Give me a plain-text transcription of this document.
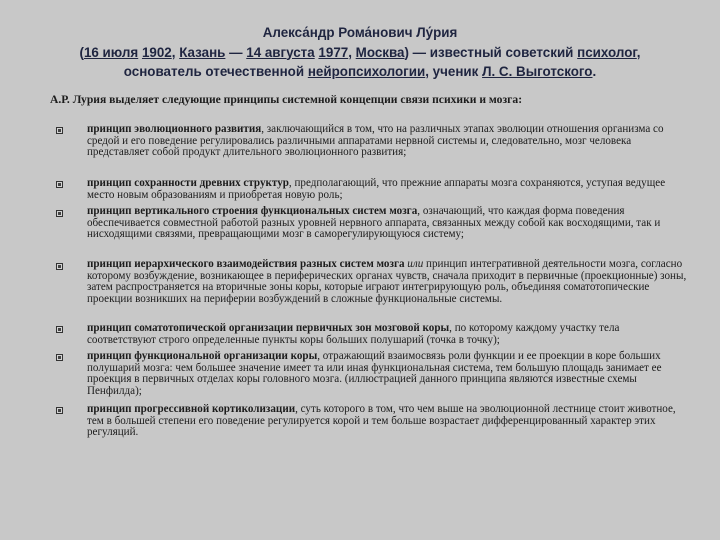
Алекса́ндр Рома́нович Лу́рия
(16 июля 1902, Казань — 14 августа 1977, Москва) — известный советский психолог,
основатель отечественной нейропсихологии, ученик Л. С. Выготского.
А.Р. Лурия выделяет следующие принципы системной концепции связи психики и мозга:
принцип эволюционного развития, заключающийся в том, что на различных этапах эволюции отношения организма со средой и его поведение регулировались различными аппаратами нервной системы и, следовательно, мозг человека представляет собой продукт длительного эволюционного развития;
принцип сохранности древних структур, предполагающий, что прежние аппараты мозга сохраняются, уступая ведущее место новым образованиям и приобретая новую роль;
принцип вертикального строения функциональных систем мозга, означающий, что каждая форма поведения обеспечивается совместной работой разных уровней нервного аппарата, связанных между собой как восходящими, так и нисходящими связями, превращающими мозг в саморегулирующуюся систему;
принцип иерархического взаимодействия разных систем мозга или принцип интегративной деятельности мозга, согласно которому возбуждение, возникающее в периферических органах чувств, сначала приходит в первичные (проекционные) зоны, затем распространяется на вторичные зоны коры, которые играют интегрирующую роль, объединяя соматотопические проекции возникших на периферии возбуждений в сложные функциональные системы.
принцип соматотопической организации первичных зон мозговой коры, по которому каждому участку тела соответствуют строго определенные пункты коры больших полушарий (точка в точку);
принцип функциональной организации коры, отражающий взаимосвязь роли функции и ее проекции в коре больших полушарий мозга: чем большее значение имеет та или иная функциональная система, тем большую площадь занимает ее проекция в первичных отделах коры головного мозга. (иллюстрацией данного принципа являются известные схемы Пенфилда);
принцип прогрессивной кортиколизации, суть которого в том, что чем выше на эволюционной лестнице стоит животное, тем в большей степени его поведение регулируется корой и тем больше возрастает дифференцированный характер этих регуляций.
